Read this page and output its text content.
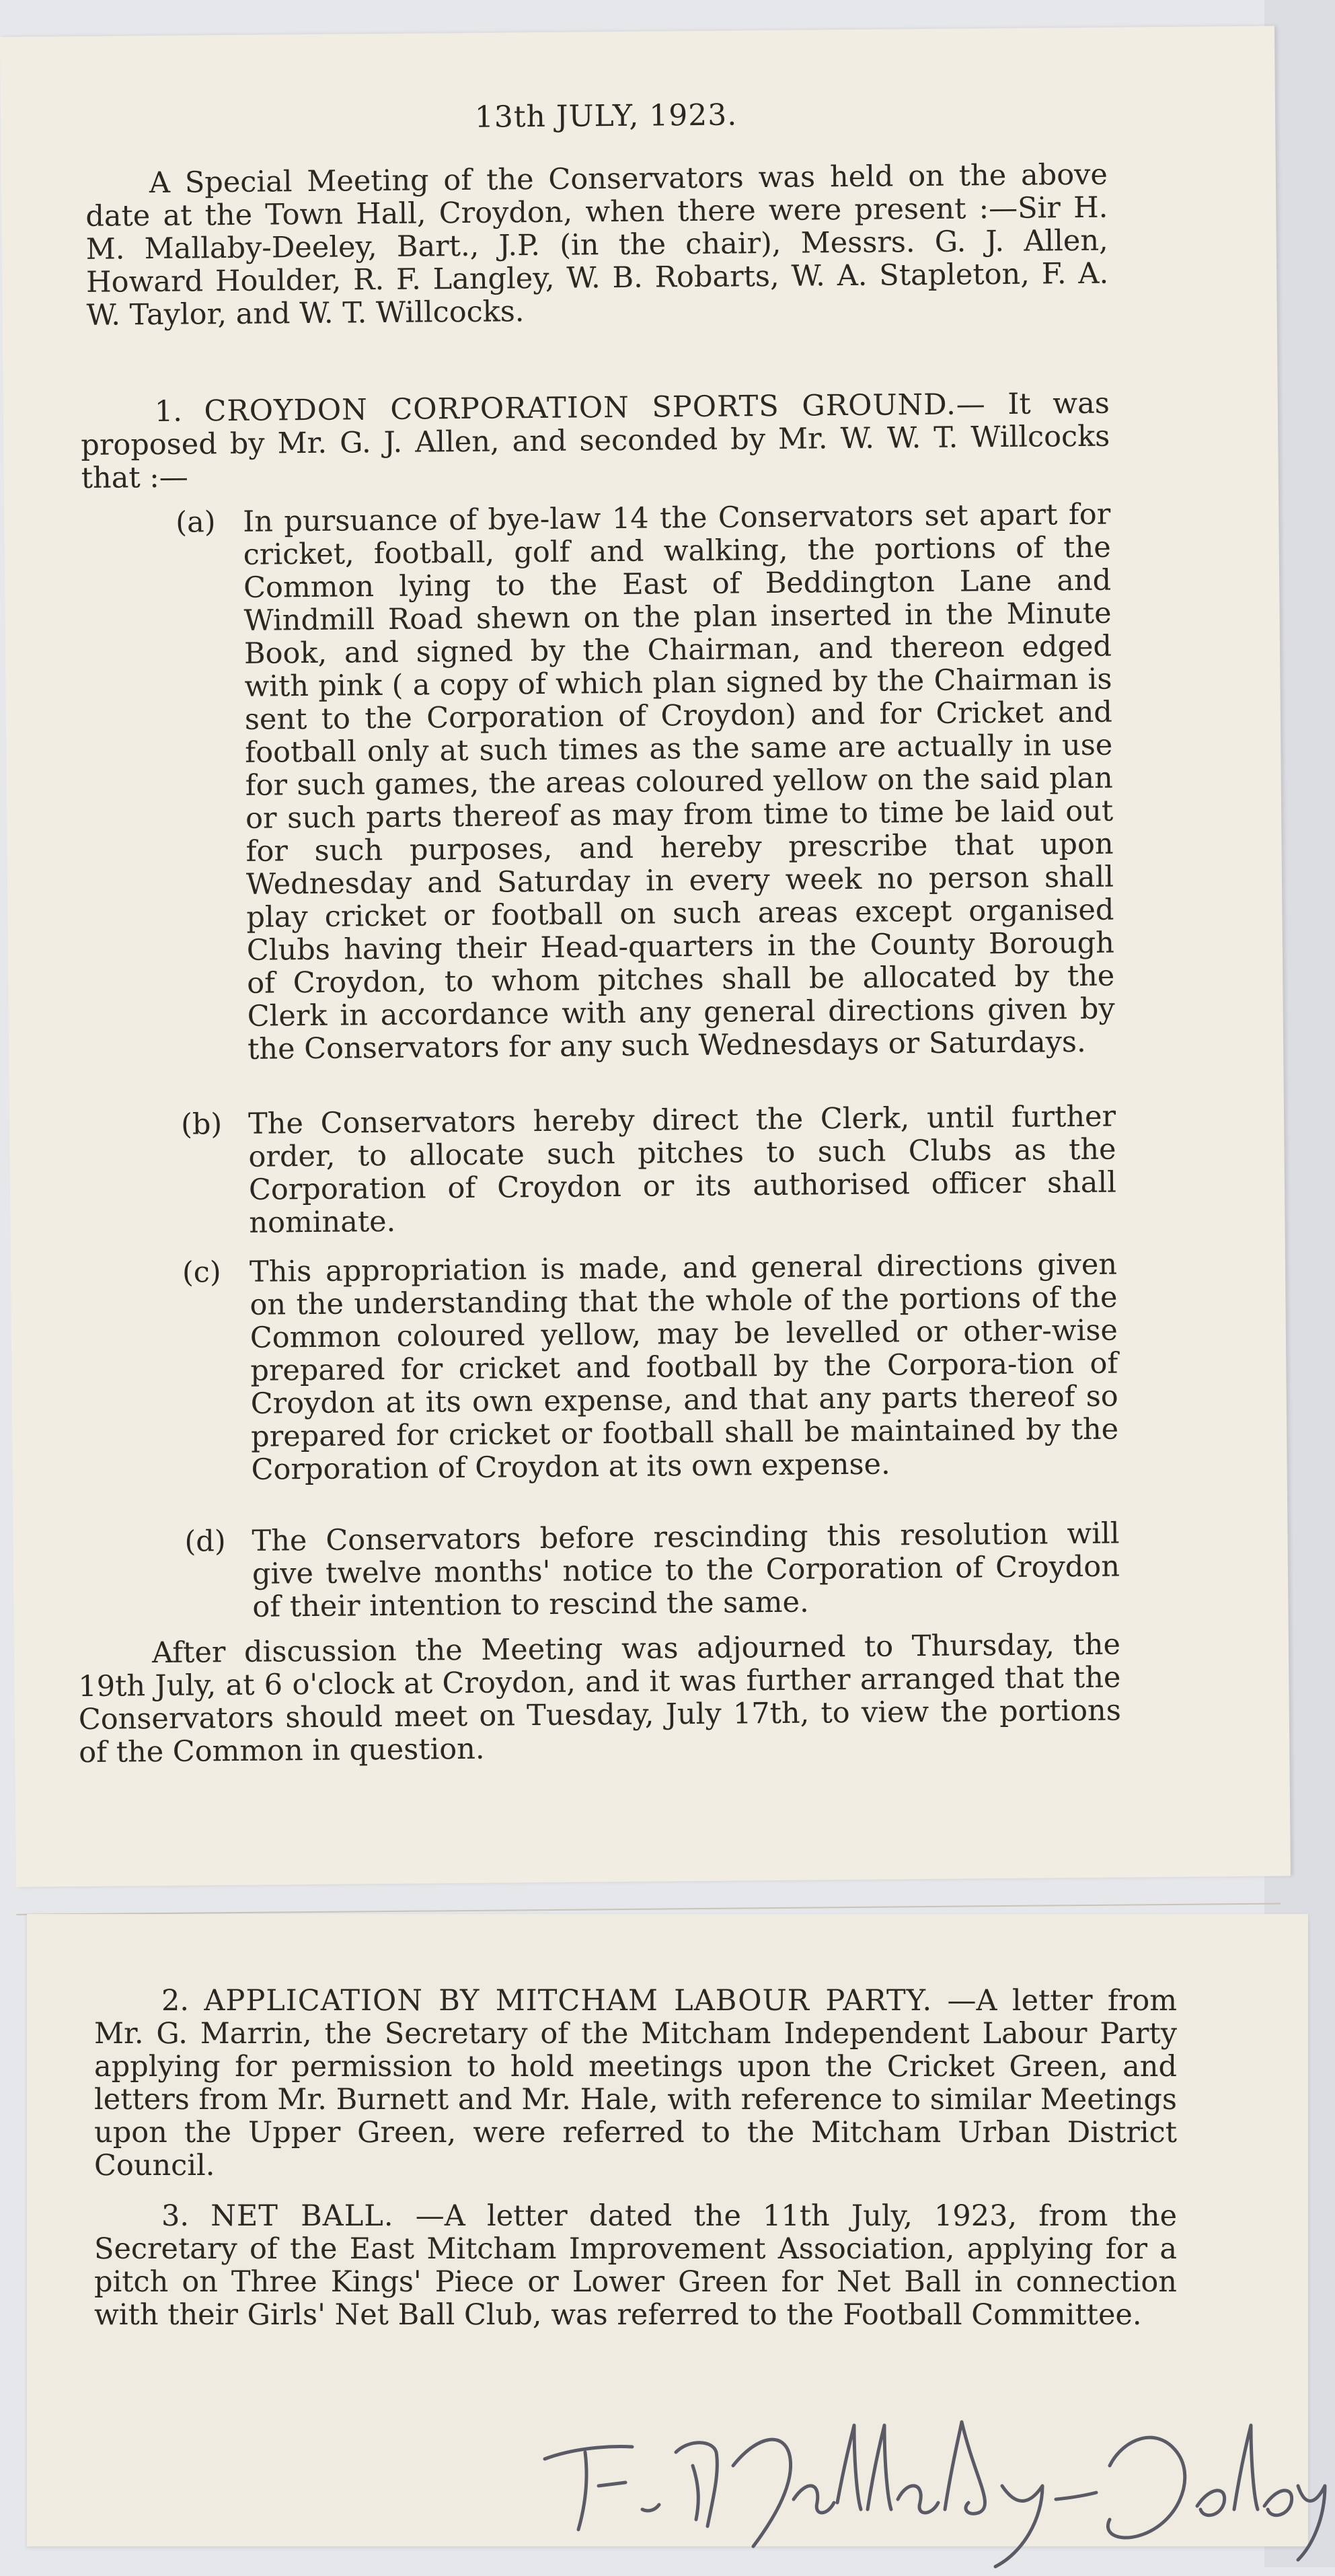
13th JULY, 1923.

A Special Meeting of the Conservators was held on the above date at the Town Hall, Croydon, when there were present :—Sir H. M. Mallaby-Deeley, Bart., J.P. (in the chair), Messrs. G. J. Allen, Howard Houlder, R. F. Langley, W. B. Robarts, W. A. Stapleton, F. A. W. Taylor, and W. T. Willcocks.

1. CROYDON CORPORATION SPORTS GROUND.— It was proposed by Mr. G. J. Allen, and seconded by Mr. W. W. T. Willcocks that :—

(a) In pursuance of bye-law 14 the Conservators set apart for cricket, football, golf and walking, the portions of the Common lying to the East of Beddington Lane and Windmill Road shewn on the plan inserted in the Minute Book, and signed by the Chairman, and thereon edged with pink ( a copy of which plan signed by the Chairman is sent to the Corporation of Croydon) and for Cricket and football only at such times as the same are actually in use for such games, the areas coloured yellow on the said plan or such parts thereof as may from time to time be laid out for such purposes, and hereby prescribe that upon Wednesday and Saturday in every week no person shall play cricket or football on such areas except organised Clubs having their Head-quarters in the County Borough of Croydon, to whom pitches shall be allocated by the Clerk in accordance with any general directions given by the Conservators for any such Wednesdays or Saturdays.
(b) The Conservators hereby direct the Clerk, until further order, to allocate such pitches to such Clubs as the Corporation of Croydon or its authorised officer shall nominate.
(c) This appropriation is made, and general directions given on the understanding that the whole of the portions of the Common coloured yellow, may be levelled or other-wise prepared for cricket and football by the Corpora-tion of Croydon at its own expense, and that any parts thereof so prepared for cricket or football shall be maintained by the Corporation of Croydon at its own expense.
(d) The Conservators before rescinding this resolution will give twelve months' notice to the Corporation of Croydon of their intention to rescind the same.

After discussion the Meeting was adjourned to Thursday, the 19th July, at 6 o'clock at Croydon, and it was further arranged that the Conservators should meet on Tuesday, July 17th, to view the portions of the Common in question.

2. APPLICATION BY MITCHAM LABOUR PARTY. —A letter from Mr. G. Marrin, the Secretary of the Mitcham Independent Labour Party applying for permission to hold meetings upon the Cricket Green, and letters from Mr. Burnett and Mr. Hale, with reference to similar Meetings upon the Upper Green, were referred to the Mitcham Urban District Council.

3. NET BALL. —A letter dated the 11th July, 1923, from the Secretary of the East Mitcham Improvement Association, applying for a pitch on Three Kings' Piece or Lower Green for Net Ball in connection with their Girls' Net Ball Club, was referred to the Football Committee.
